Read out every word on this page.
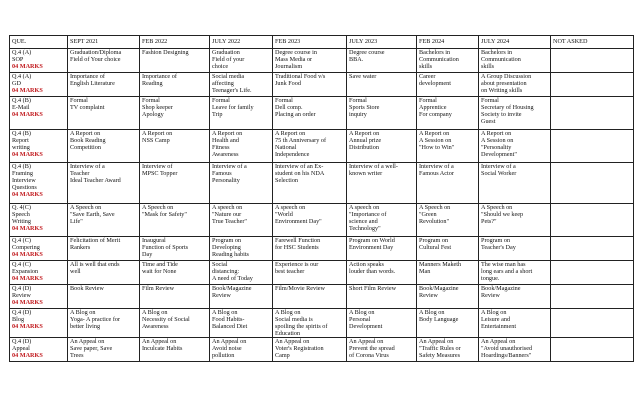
QUE.	SEPT 2021	FEB 2022	JULY 2022	FEB 2023	JULY 2023	FEB 2024	JULY 2024	NOT ASKED
Q.4 (A)
SOP
04 MARKS	Graduation/Diploma
Field of Your choice	Fashion Designing	Graduation
Field of your
choice	Degree course in
Mass Media or
Journalism	Degree course
BBA.	Bachelors in
Communication
skills	Bachelors in
Communication
skills	
Q.4 (A)
GD
04 MARKS	Importance of
English Literature	Importance of
Reading	Social media
affecting
Teenager's Life.	Traditional Food v/s
Junk Food	Save water	Career
development	A Group Discussion
about presentation
on Writing skills	
Q.4 (B)
E-Mail
04 MARKS	Formal
TV complaint	Formal
Shop keeper
Apology	Formal
Leave for family
Trip	Formal
Dell comp.
Placing an order	Formal
Sports Store
inquiry	Formal
Apprentice
For company	Formal
Secretary of Housing
Society to invite
Guest	
Q.4 (B)
Report
writing
04 MARKS	A Report on
Book Reading
Competition	A Report on
NSS Camp	A Report on
Health and
Fitness
Awareness	A Report on
75 th Anniversary of
National
Independence	A Report on
Annual prize
Distribution	A Report on
A Session on
"How to Win"	A Report on
A Session on
"Personality
Development"	
Q.4 (B)
Framing
Interview
Questions
04 MARKS	Interview of a
Teacher
Ideal Teacher Award	Interview of
MPSC Topper	Interview of a
Famous
Personality	Interview of an Ex-
student on his NDA
Selection	Interview of a well-
known writer	Interview of a
Famous Actor	Interview of a
Social Worker	
Q. 4(C)
Speech
Writing
04 MARKS	A Speech on
"Save Earth, Save
Life"	A Speech on
"Mask for Safety"	A speech on
"Nature our
True Teacher"	A speech on
"World
Environment Day"	A speech on
"Importance of
science and
Technology"	A Speech on
"Green
Revolution"	A Speech on
"Should we keep
Pets?"	
Q.4 (C)
Compering
04 MARKS	Felicitation of Merit
Rankers	Inaugural
Function of Sports
Day	Program on
Developing
Reading habits	Farewell Function
for HSC Students	Program on World
Environment Day	Program on
Cultural Fest	Program on
Teacher's Day	
Q.4 (C)
Expansion
04 MARKS	All is well that ends
well	Time and Tide
wait for None	Social
distancing:
A need of Today	Experience is our
best teacher	Action speaks
louder than words.	Manners Maketh
Man	The wise man has
long ears and a short
tongue.	
Q.4 (D)
Review
04 MARKS	Book Review	Film Review	Book/Magazine
Review	Film/Movie Review	Short Film Review	Book/Magazine
Review	Book/Magazine
Review	
Q.4 (D)
Blog
04 MARKS	A Blog on
Yoga- A practice for
better living	A Blog on
Necessity of Social
Awareness	A Blog on
Food Habits-
Balanced Diet	A Blog on
Social media is
spoiling the spirits of
Education	A Blog on
Personal
Development	A Blog on
Body Language	A Blog on
Leisure and
Entertainment	
Q.4 (D)
Appeal
04 MARKS	An Appeal on
Save paper, Save
Trees	An Appeal on
Inculcate Habits	An Appeal on
Avoid noise
pollution	An Appeal on
Voter's Registration
Camp	An Appeal on
Prevent the spread
of Corona Virus	An Appeal on
"Traffic Rules or
Safety Measures	An Appeal on
"Avoid unauthorised
Hoardings/Banners"	
